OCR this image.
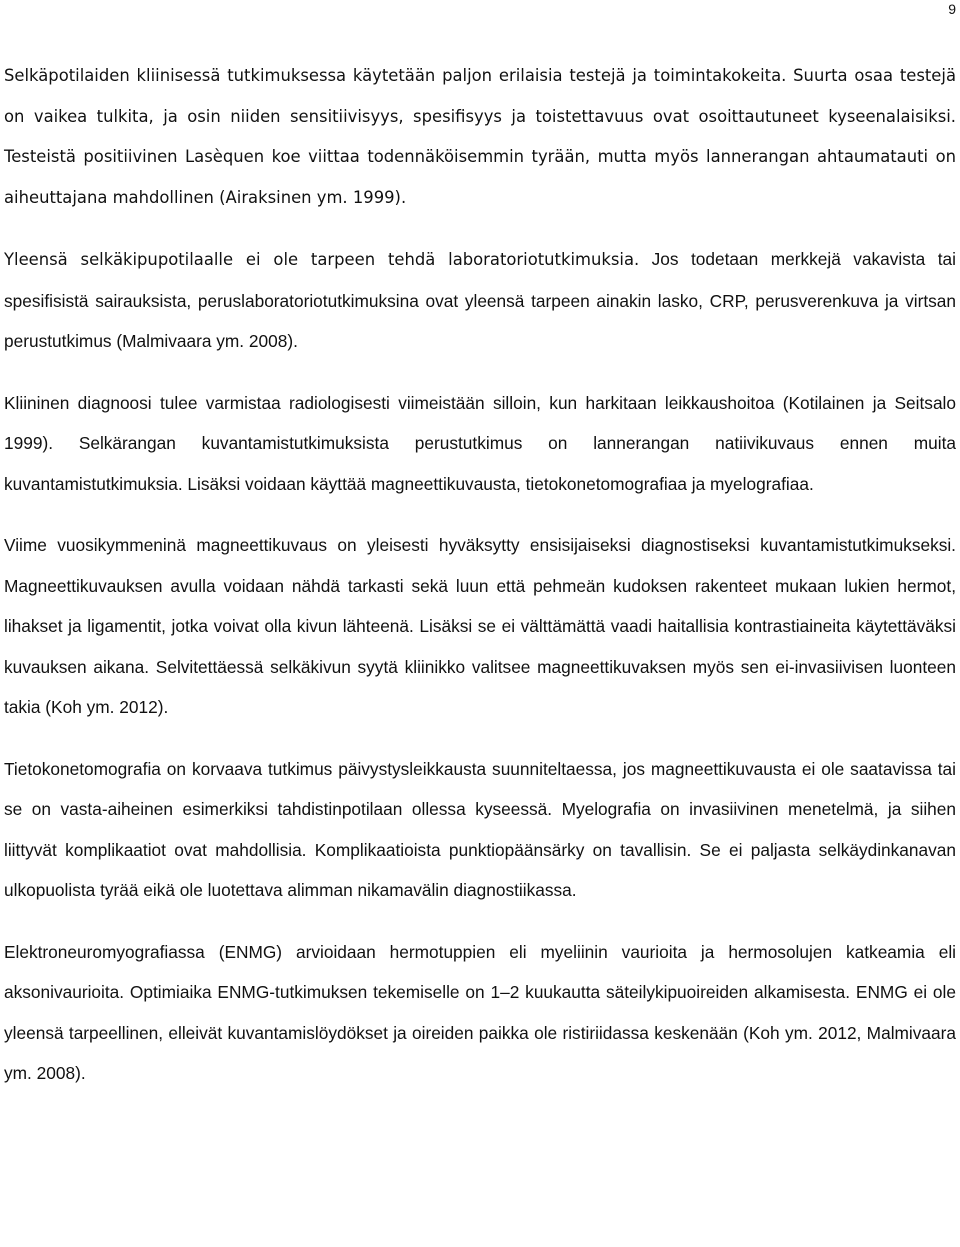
9

Selkäpotilaiden kliinisessä tutkimuksessa käytetään paljon erilaisia testejä ja toimintakokeita. Suurta osaa testejä on vaikea tulkita, ja osin niiden sensitiivisyys, spesifisyys ja toistettavuus ovat osoittautuneet kyseenalaisiksi. Testeistä positiivinen Lasèquen koe viittaa todennäköisemmin tyrään, mutta myös lannerangan ahtaumatauti on aiheuttajana mahdollinen (Airaksinen ym. 1999).

Yleensä selkäkipupotilaalle ei ole tarpeen tehdä laboratoriotutkimuksia. Jos todetaan merkkejä vakavista tai spesifisistä sairauksista, peruslaboratoriotutkimuksina ovat yleensä tarpeen ainakin lasko, CRP, perusverenkuva ja virtsan perustutkimus (Malmivaara ym. 2008).

Kliininen diagnoosi tulee varmistaa radiologisesti viimeistään silloin, kun harkitaan leikkaushoitoa (Kotilainen ja Seitsalo 1999). Selkärangan kuvantamistutkimuksista perustutkimus on lannerangan natiivikuvaus ennen muita kuvantamistutkimuksia. Lisäksi voidaan käyttää magneettikuvausta, tietokonetomografiaa ja myelografiaa.

Viime vuosikymmeninä magneettikuvaus on yleisesti hyväksytty ensisijaiseksi diagnostiseksi kuvantamistutkimukseksi. Magneettikuvauksen avulla voidaan nähdä tarkasti sekä luun että pehmeän kudoksen rakenteet mukaan lukien hermot, lihakset ja ligamentit, jotka voivat olla kivun lähteenä. Lisäksi se ei välttämättä vaadi haitallisia kontrastiaineita käytettäväksi kuvauksen aikana. Selvitettäessä selkäkivun syytä kliinikko valitsee magneettikuvaksen myös sen ei-invasiivisen luonteen takia (Koh ym. 2012).

Tietokonetomografia on korvaava tutkimus päivystysleikkausta suunniteltaessa, jos magneettikuvausta ei ole saatavissa tai se on vasta-aiheinen esimerkiksi tahdistinpotilaan ollessa kyseessä. Myelografia on invasiivinen menetelmä, ja siihen liittyvät komplikaatiot ovat mahdollisia. Komplikaatioista punktiopäänsärky on tavallisin. Se ei paljasta selkäydinkanavan ulkopuolista tyrää eikä ole luotettava alimman nikamavälin diagnostiikassa.

Elektroneuromyografiassa (ENMG) arvioidaan hermotuppien eli myeliinin vaurioita ja hermosolujen katkeamia eli aksonivaurioita. Optimiaika ENMG-tutkimuksen tekemiselle on 1–2 kuukautta säteilykipuoireiden alkamisesta. ENMG ei ole yleensä tarpeellinen, elleivät kuvantamislöydökset ja oireiden paikka ole ristiriidassa keskenään (Koh ym. 2012, Malmivaara ym. 2008).
